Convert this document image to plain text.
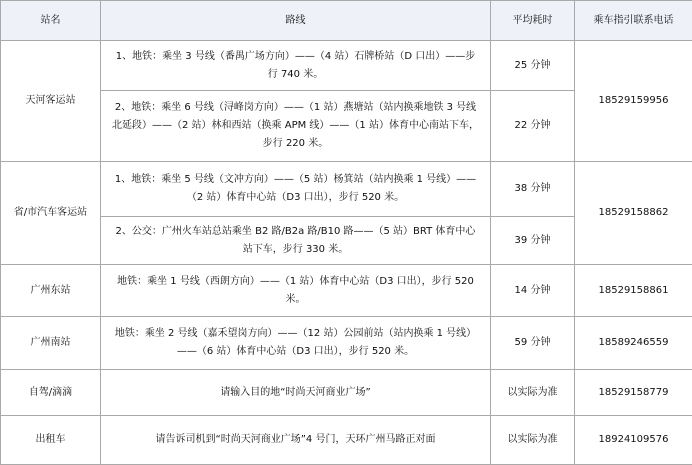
站名	路线	平均耗时	乘车指引联系电话
天河客运站	1、地铁：乘坐 3 号线（番禺广场方向）——（4 站）石牌桥站（D 口出）——步行 740 米。	25 分钟	18529159956
	2、地铁：乘坐 6 号线（浔峰岗方向）——（1 站）燕塘站（站内换乘地铁 3 号线北延段）——（2 站）林和西站（换乘 APM 线）——（1 站）体育中心南站下车，步行 220 米。	22 分钟	
省/市汽车客运站	1、地铁：乘坐 5 号线（文冲方向）——（5 站）杨箕站（站内换乘 1 号线）——（2 站）体育中心站（D3 口出），步行 520 米。	38 分钟	18529158862
	2、公交：广州火车站总站乘坐 B2 路/B2a 路/B10 路——（5 站）BRT 体育中心站下车，步行 330 米。	39 分钟	
广州东站	地铁：乘坐 1 号线（西朗方向）——（1 站）体育中心站（D3 口出），步行 520 米。	14 分钟	18529158861
广州南站	地铁：乘坐 2 号线（嘉禾望岗方向）——（12 站）公园前站（站内换乘 1 号线）——（6 站）体育中心站（D3 口出），步行 520 米。	59 分钟	18589246559
自驾/滴滴	请输入目的地“时尚天河商业广场”	以实际为准	18529158779
出租车	请告诉司机到“时尚天河商业广场”4 号门，天环广州马路正对面	以实际为准	18924109576
